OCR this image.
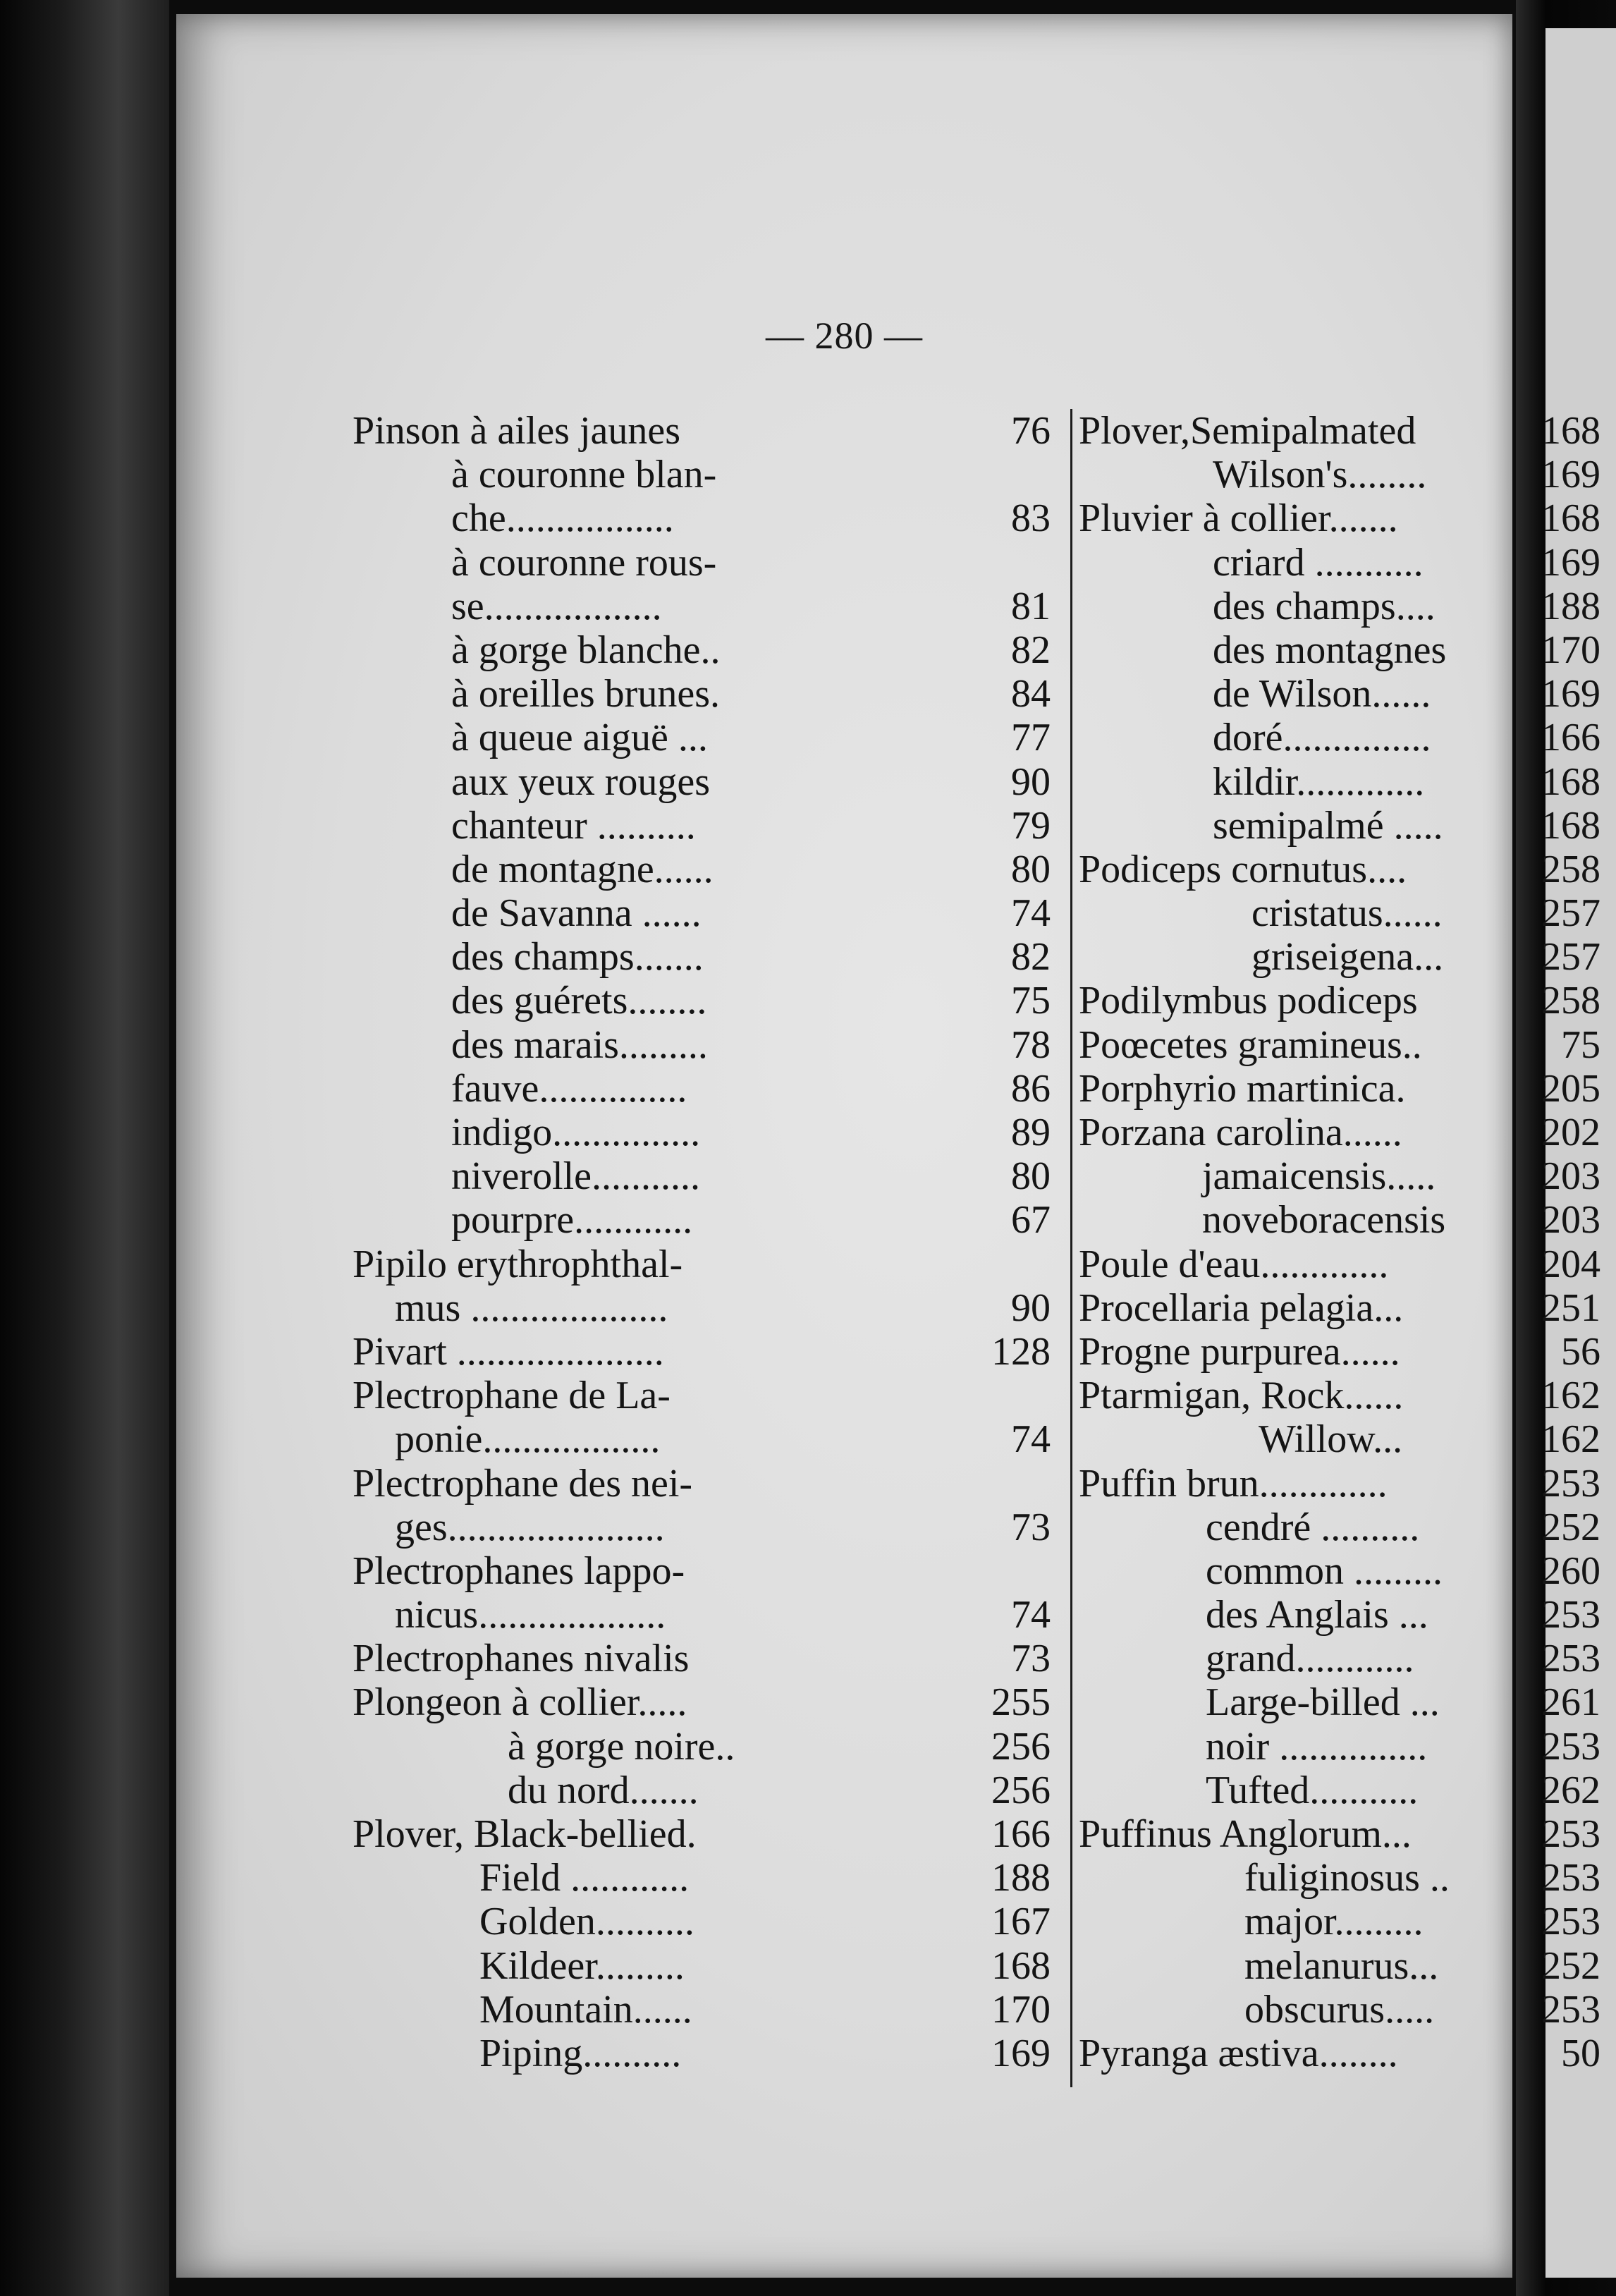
— 280 —
Pinson à ailes jaunes	76
à couronne blan-
che.................	83
à couronne rous-
se..................	81
à gorge blanche..	82
à oreilles brunes.	84
à queue aiguë ...	77
aux yeux rouges	90
chanteur ..........	79
de montagne......	80
de Savanna ......	74
des champs.......	82
des guérets........	75
des marais.........	78
fauve...............	86
indigo...............	89
niverolle...........	80
pourpre............	67
Pipilo erythrophthal-
mus ....................	90
Pivart .....................	128
Plectrophane de La-
ponie..................	74
Plectrophane des nei-
ges......................	73
Plectrophanes lappo-
nicus...................	74
Plectrophanes nivalis	73
Plongeon à collier.....	255
à gorge noire..	256
du nord.......	256
Plover, Black-bellied.	166
Field ............	188
Golden..........	167
Kildeer.........	168
Mountain......	170
Piping..........	169
Plover,Semipalmated	168
Wilson's........	169
Pluvier à collier.......	168
criard ...........	169
des champs....	188
des montagnes	170
de Wilson......	169
doré...............	166
kildir.............	168
semipalmé .....	168
Podiceps cornutus....	258
cristatus......	257
griseigena...	257
Podilymbus podiceps	258
Poœcetes gramineus..	75
Porphyrio martinica.	205
Porzana carolina......	202
jamaicensis.....	203
noveboracensis	203
Poule d'eau.............	204
Procellaria pelagia...	251
Progne purpurea......	56
Ptarmigan, Rock......	162
Willow...	162
Puffin brun.............	253
cendré ..........	252
common .........	260
des Anglais ...	253
grand............	253
Large-billed ...	261
noir ...............	253
Tufted...........	262
Puffinus Anglorum...	253
fuliginosus ..	253
major.........	253
melanurus...	252
obscurus.....	253
Pyranga æstiva........	50
